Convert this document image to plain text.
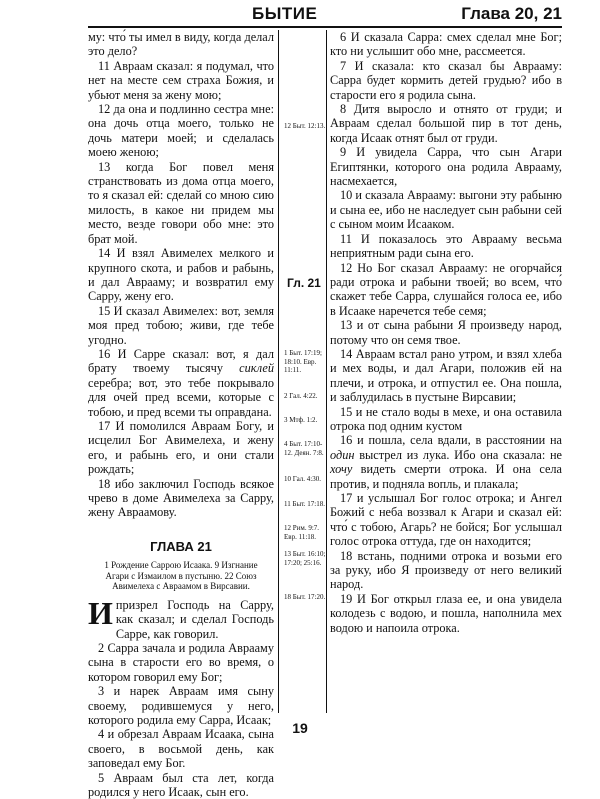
БЫТИЕ	Глава 20, 21

му: что́ ты имел в виду, когда делал это дело?

11 Авраам сказал: я подумал, что нет на месте сем страха Божия, и убьют меня за жену мою;

12 да она и подлинно сестра мне: она дочь отца моего, только не дочь матери моей; и сделалась моею женою;

13 когда Бог повел меня странствовать из дома отца моего, то я сказал ей: сделай со мною сию милость, в какое ни придем мы место, везде говори обо мне: это брат мой.

14 И взял Авимелех мелкого и крупного скота, и рабов и рабынь, и дал Аврааму; и возвратил ему Сарру, жену его.

15 И сказал Авимелех: вот, земля моя пред тобою; живи, где тебе угодно.

16 И Сарре сказал: вот, я дал брату твоему тысячу сиклей серебра; вот, это тебе покрывало для очей пред всеми, которые с тобою, и пред всеми ты оправдана.

17 И помолился Авраам Богу, и исцелил Бог Авимелеха, и жену его, и рабынь его, и они стали рождать;

18 ибо заключил Господь всякое чрево в доме Авимелеха за Сарру, жену Авраамову.

ГЛАВА 21
1 Рождение Саррою Исаака. 9 Изгнание Агари с Измаилом в пустыню. 22 Союз Авимелеха с Авраамом в Вирсавии.

Ипризрел Господь на Сарру, как сказал; и сделал Господь Сарре, как говорил.

2 Сарра зачала и родила Аврааму сына в старости его во время, о котором говорил ему Бог;

3 и нарек Авраам имя сыну своему, родившемуся у него, которого родила ему Сарра, Исаак;

4 и обрезал Авраам Исаака, сына своего, в восьмой день, как заповедал ему Бог.

5 Авраам был ста лет, когда родился у него Исаак, сын его.

12 Быт. 12:13.
1 Быт. 17:19; 18:10. Евр. 11:11.
2 Гал. 4:22.
3 Мтф. 1:2.
4 Быт. 17:10-12. Деян. 7:8.
10 Гал. 4:30.
11 Быт. 17:18.
12 Рим. 9:7. Евр. 11:18.
13 Быт. 16:10; 17:20; 25:16.
18 Быт. 17:20.
Гл. 21

6 И сказала Сарра: смех сделал мне Бог; кто ни услышит обо мне, рассмеется.

7 И сказала: кто сказал бы Аврааму: Сарра будет кормить детей грудью? ибо в старости его я родила сына.

8 Дитя выросло и отнято от груди; и Авраам сделал большой пир в тот день, когда Исаак отнят был от груди.

9 И увидела Сарра, что сын Агари Египтянки, которого она родила Аврааму, насмехается,

10 и сказала Аврааму: выгони эту рабыню и сына ее, ибо не наследует сын рабыни сей с сыном моим Исааком.

11 И показалось это Аврааму весьма неприятным ради сына его.

12 Но Бог сказал Аврааму: не огорчайся ради отрока и рабыни твоей; во всем, что́ скажет тебе Сарра, слушайся голоса ее, ибо в Исааке наречется тебе семя;

13 и от сына рабыни Я произведу народ, потому что он семя твое.

14 Авраам встал рано утром, и взял хлеба и мех воды, и дал Агари, положив ей на плечи, и отрока, и отпустил ее. Она пошла, и заблудилась в пустыне Вирсавии;

15 и не стало воды в мехе, и она оставила отрока под одним кустом

16 и пошла, села вдали, в расстоянии на один выстрел из лука. Ибо она сказала: не хочу видеть смерти отрока. И она села против, и подняла вопль, и плакала;

17 и услышал Бог голос отрока; и Ангел Божий с неба воззвал к Агари и сказал ей: что́ с тобою, Агарь? не бойся; Бог услышал голос отрока оттуда, где он находится;

18 встань, подними отрока и возьми его за руку, ибо Я произведу от него великий народ.

19 И Бог открыл глаза ее, и она увидела колодезь с водою, и пошла, наполнила мех водою и напоила отрока.

19
